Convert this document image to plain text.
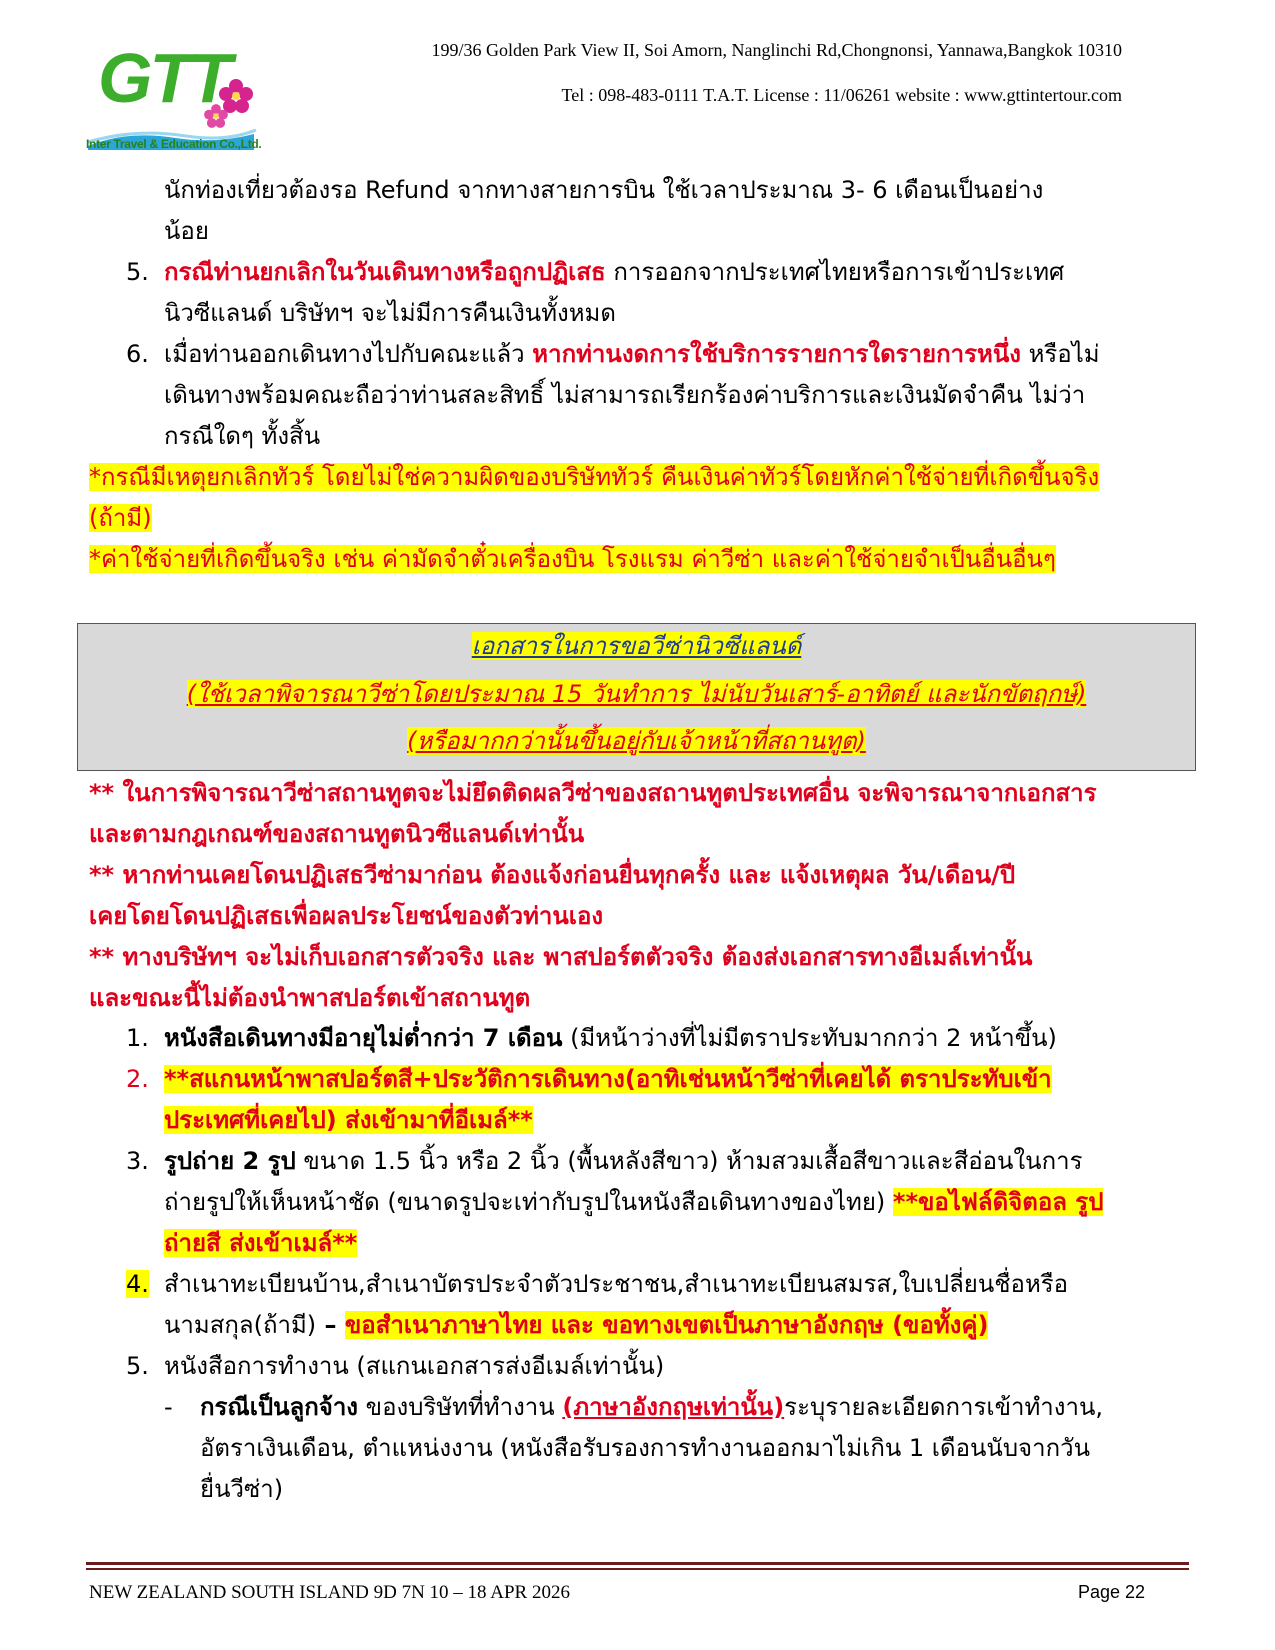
GTT
Inter Travel & Education Co.,Ltd.
199/36 Golden Park View II, Soi Amorn, Nanglinchi Rd,Chongnonsi, Yannawa,Bangkok 10310
Tel : 098-483-0111 T.A.T. License : 11/06261 website : www.gttintertour.com
นักท่องเที่ยวต้องรอ Refund จากทางสายการบิน ใช้เวลาประมาณ 3- 6 เดือนเป็นอย่าง
น้อย
5. กรณีท่านยกเลิกในวันเดินทางหรือถูกปฏิเสธ การออกจากประเทศไทยหรือการเข้าประเทศ
นิวซีแลนด์ บริษัทฯ จะไม่มีการคืนเงินทั้งหมด
6. เมื่อท่านออกเดินทางไปกับคณะแล้ว หากท่านงดการใช้บริการรายการใดรายการหนึ่ง หรือไม่
เดินทางพร้อมคณะถือว่าท่านสละสิทธิ์ ไม่สามารถเรียกร้องค่าบริการและเงินมัดจำคืน ไม่ว่า
กรณีใดๆ ทั้งสิ้น
*กรณีมีเหตุยกเลิกทัวร์ โดยไม่ใช่ความผิดของบริษัททัวร์ คืนเงินค่าทัวร์โดยหักค่าใช้จ่ายที่เกิดขึ้นจริง
(ถ้ามี)
*ค่าใช้จ่ายที่เกิดขึ้นจริง เช่น ค่ามัดจำตั๋วเครื่องบิน โรงแรม ค่าวีซ่า และค่าใช้จ่ายจำเป็นอื่นอื่นๆ
เอกสารในการขอวีซ่านิวซีแลนด์
(ใช้เวลาพิจารณาวีซ่าโดยประมาณ 15 วันทำการ ไม่นับวันเสาร์-อาทิตย์ และนักขัตฤกษ์)
(หรือมากกว่านั้นขึ้นอยู่กับเจ้าหน้าที่สถานทูต)
** ในการพิจารณาวีซ่าสถานทูตจะไม่ยึดติดผลวีซ่าของสถานทูตประเทศอื่น จะพิจารณาจากเอกสาร
และตามกฎเกณฑ์ของสถานทูตนิวซีแลนด์เท่านั้น
** หากท่านเคยโดนปฏิเสธวีซ่ามาก่อน ต้องแจ้งก่อนยื่นทุกครั้ง และ แจ้งเหตุผล วัน/เดือน/ปี
เคยโดยโดนปฏิเสธเพื่อผลประโยชน์ของตัวท่านเอง
** ทางบริษัทฯ จะไม่เก็บเอกสารตัวจริง และ พาสปอร์ตตัวจริง ต้องส่งเอกสารทางอีเมล์เท่านั้น
และขณะนี้ไม่ต้องนำพาสปอร์ตเข้าสถานทูต
1. หนังสือเดินทางมีอายุไม่ต่ำกว่า 7 เดือน (มีหน้าว่างที่ไม่มีตราประทับมากกว่า 2 หน้าขึ้น)
2. **สแกนหน้าพาสปอร์ตสี+ประวัติการเดินทาง(อาทิเช่นหน้าวีซ่าที่เคยได้ ตราประทับเข้า
ประเทศที่เคยไป) ส่งเข้ามาที่อีเมล์**
3. รูปถ่าย 2 รูป ขนาด 1.5 นิ้ว หรือ 2 นิ้ว (พื้นหลังสีขาว) ห้ามสวมเสื้อสีขาวและสีอ่อนในการ
ถ่ายรูปให้เห็นหน้าชัด (ขนาดรูปจะเท่ากับรูปในหนังสือเดินทางของไทย) **ขอไฟล์ดิจิตอล รูป
ถ่ายสี ส่งเข้าเมล์**
4. สำเนาทะเบียนบ้าน,สำเนาบัตรประจำตัวประชาชน,สำเนาทะเบียนสมรส,ใบเปลี่ยนชื่อหรือ
นามสกุล(ถ้ามี) – ขอสำเนาภาษาไทย และ ขอทางเขตเป็นภาษาอังกฤษ (ขอทั้งคู่)
5. หนังสือการทำงาน (สแกนเอกสารส่งอีเมล์เท่านั้น)
- กรณีเป็นลูกจ้าง ของบริษัทที่ทำงาน (ภาษาอังกฤษเท่านั้น)ระบุรายละเอียดการเข้าทำงาน,
อัตราเงินเดือน, ตำแหน่งงาน (หนังสือรับรองการทำงานออกมาไม่เกิน 1 เดือนนับจากวัน
ยื่นวีซ่า)
NEW ZEALAND SOUTH ISLAND 9D 7N 10 – 18 APR 2026	Page 22
